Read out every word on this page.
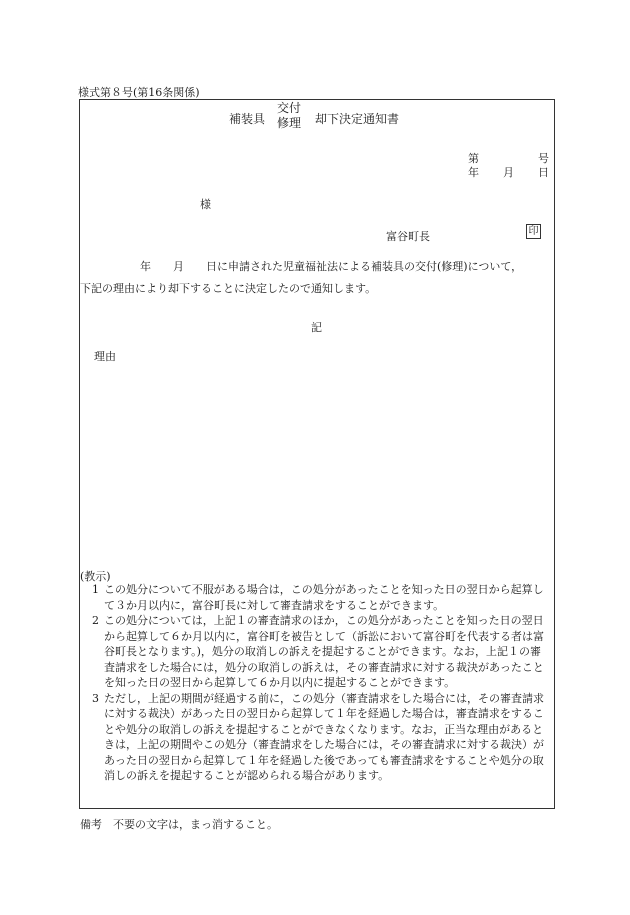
様式第８号(第16条関係)
補装具
交付
修理 却下決定通知書
第	号
年 月 日
様
富谷町長	印
年　　月　　日に申請された児童福祉法による補装具の交付(修理)について，
下記の理由により却下することに決定したので通知します。
記
理由
(教示)
1 この処分について不服がある場合は，この処分があったことを知った日の翌日から起算して３か月以内に，富谷町長に対して審査請求をすることができます。
2 この処分については，上記１の審査請求のほか，この処分があったことを知った日の翌日から起算して６か月以内に，富谷町を被告として（訴訟において富谷町を代表する者は富谷町長となります。)，処分の取消しの訴えを提起することができます。なお，上記１の審査請求をした場合には，処分の取消しの訴えは，その審査請求に対する裁決があったことを知った日の翌日から起算して６か月以内に提起することができます。
3 ただし，上記の期間が経過する前に，この処分（審査請求をした場合には，その審査請求に対する裁決）があった日の翌日から起算して１年を経過した場合は，審査請求をすることや処分の取消しの訴えを提起することができなくなります。なお，正当な理由があるときは，上記の期間やこの処分（審査請求をした場合には，その審査請求に対する裁決）があった日の翌日から起算して１年を経過した後であっても審査請求をすることや処分の取消しの訴えを提起することが認められる場合があります。
備考　不要の文字は，まっ消すること。
